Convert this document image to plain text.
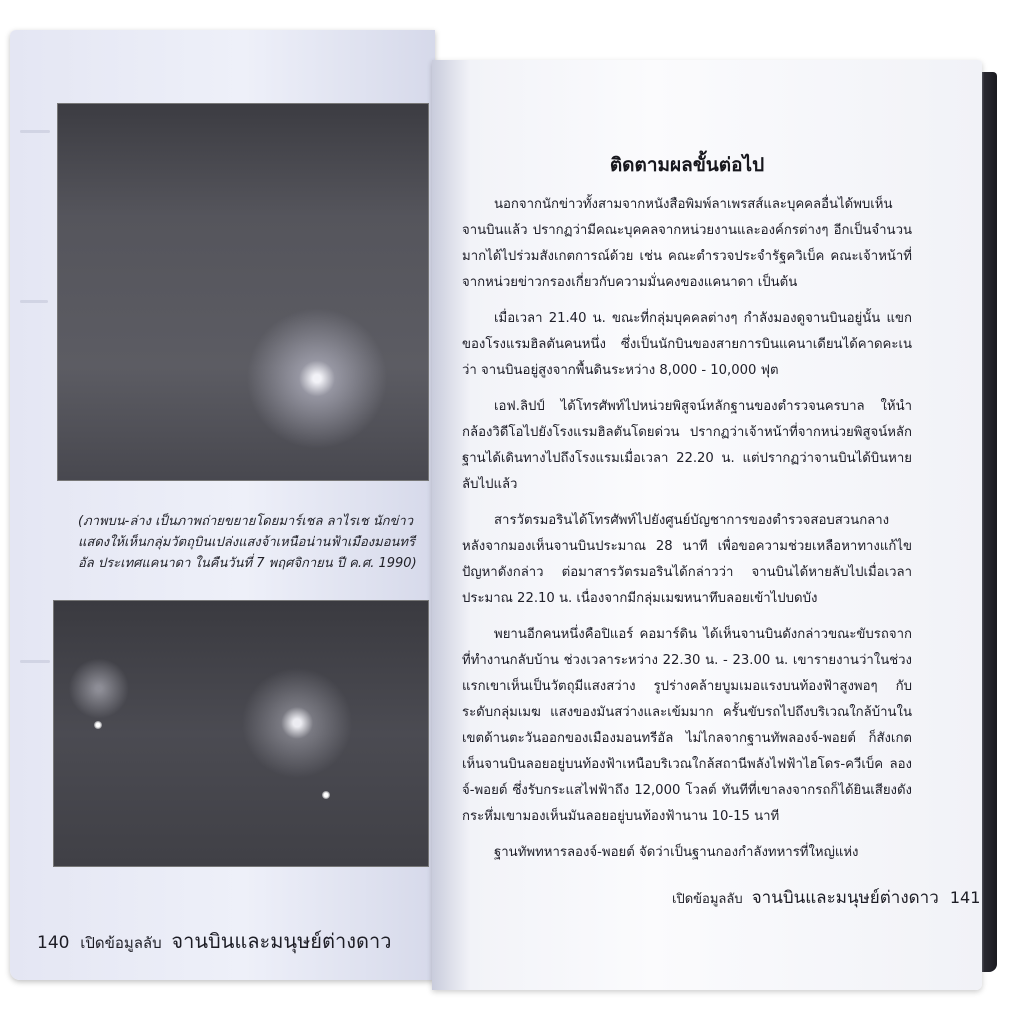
(ภาพบน-ล่าง เป็นภาพถ่ายขยายโดยมาร์เชล ลาไรเช นักข่าว แสดงให้เห็นกลุ่มวัตถุบินเปล่งแสงจ้าเหนือน่านฟ้าเมืองมอนทรีอัล ประเทศแคนาดา ในคืนวันที่ 7 พฤศจิกายน ปี ค.ศ. 1990)
140 เปิดข้อมูลลับ จานบินและมนุษย์ต่างดาว
ติดตามผลขั้นต่อไป

นอกจากนักข่าวทั้งสามจากหนังสือพิมพ์ลาเพรสส์และบุคคลอื่นได้พบเห็นจานบินแล้ว ปรากฏว่ามีคณะบุคคลจากหน่วยงานและองค์กรต่างๆ อีกเป็นจำนวนมากได้ไปร่วมสังเกตการณ์ด้วย เช่น คณะตำรวจประจำรัฐควิเบ็ค คณะเจ้าหน้าที่จากหน่วยข่าวกรองเกี่ยวกับความมั่นคงของแคนาดา เป็นต้น

เมื่อเวลา 21.40 น. ขณะที่กลุ่มบุคคลต่างๆ กำลังมองดูจานบินอยู่นั้น แขกของโรงแรมฮิลตันคนหนึ่ง ซึ่งเป็นนักบินของสายการบินแคนาเดียนได้คาดคะเนว่า จานบินอยู่สูงจากพื้นดินระหว่าง 8,000 - 10,000 ฟุต

เอฟ.ลิปป์ ได้โทรศัพท์ไปหน่วยพิสูจน์หลักฐานของตำรวจนครบาล ให้นำกล้องวิดีโอไปยังโรงแรมฮิลตันโดยด่วน ปรากฏว่าเจ้าหน้าที่จากหน่วยพิสูจน์หลักฐานได้เดินทางไปถึงโรงแรมเมื่อเวลา 22.20 น. แต่ปรากฏว่าจานบินได้บินหายลับไปแล้ว

สารวัตรมอรินได้โทรศัพท์ไปยังศูนย์บัญชาการของตำรวจสอบสวนกลาง หลังจากมองเห็นจานบินประมาณ 28 นาที เพื่อขอความช่วยเหลือหาทางแก้ไขปัญหาดังกล่าว ต่อมาสารวัตรมอรินได้กล่าวว่า จานบินได้หายลับไปเมื่อเวลาประมาณ 22.10 น. เนื่องจากมีกลุ่มเมฆหนาทึบลอยเข้าไปบดบัง

พยานอีกคนหนึ่งคือปิแอร์ คอมาร์ดิน ได้เห็นจานบินดังกล่าวขณะขับรถจากที่ทำงานกลับบ้าน ช่วงเวลาระหว่าง 22.30 น. - 23.00 น. เขารายงานว่าในช่วงแรกเขาเห็นเป็นวัตถุมีแสงสว่าง รูปร่างคล้ายบูมเมอแรงบนท้องฟ้าสูงพอๆ กับระดับกลุ่มเมฆ แสงของมันสว่างและเข้มมาก ครั้นขับรถไปถึงบริเวณใกล้บ้านในเขตด้านตะวันออกของเมืองมอนทรีอัล ไม่ไกลจากฐานทัพลองจ์-พอยต์ ก็สังเกตเห็นจานบินลอยอยู่บนท้องฟ้าเหนือบริเวณใกล้สถานีพลังไฟฟ้าไฮโดร-ควีเบ็ค ลองจ์-พอยต์ ซึ่งรับกระแสไฟฟ้าถึง 12,000 โวลต์ ทันทีที่เขาลงจากรถก็ได้ยินเสียงดังกระหึ่มเขามองเห็นมันลอยอยู่บนท้องฟ้านาน 10-15 นาที

ฐานทัพทหารลองจ์-พอยต์ จัดว่าเป็นฐานกองกำลังทหารที่ใหญ่แห่ง

เปิดข้อมูลลับ จานบินและมนุษย์ต่างดาว 141
